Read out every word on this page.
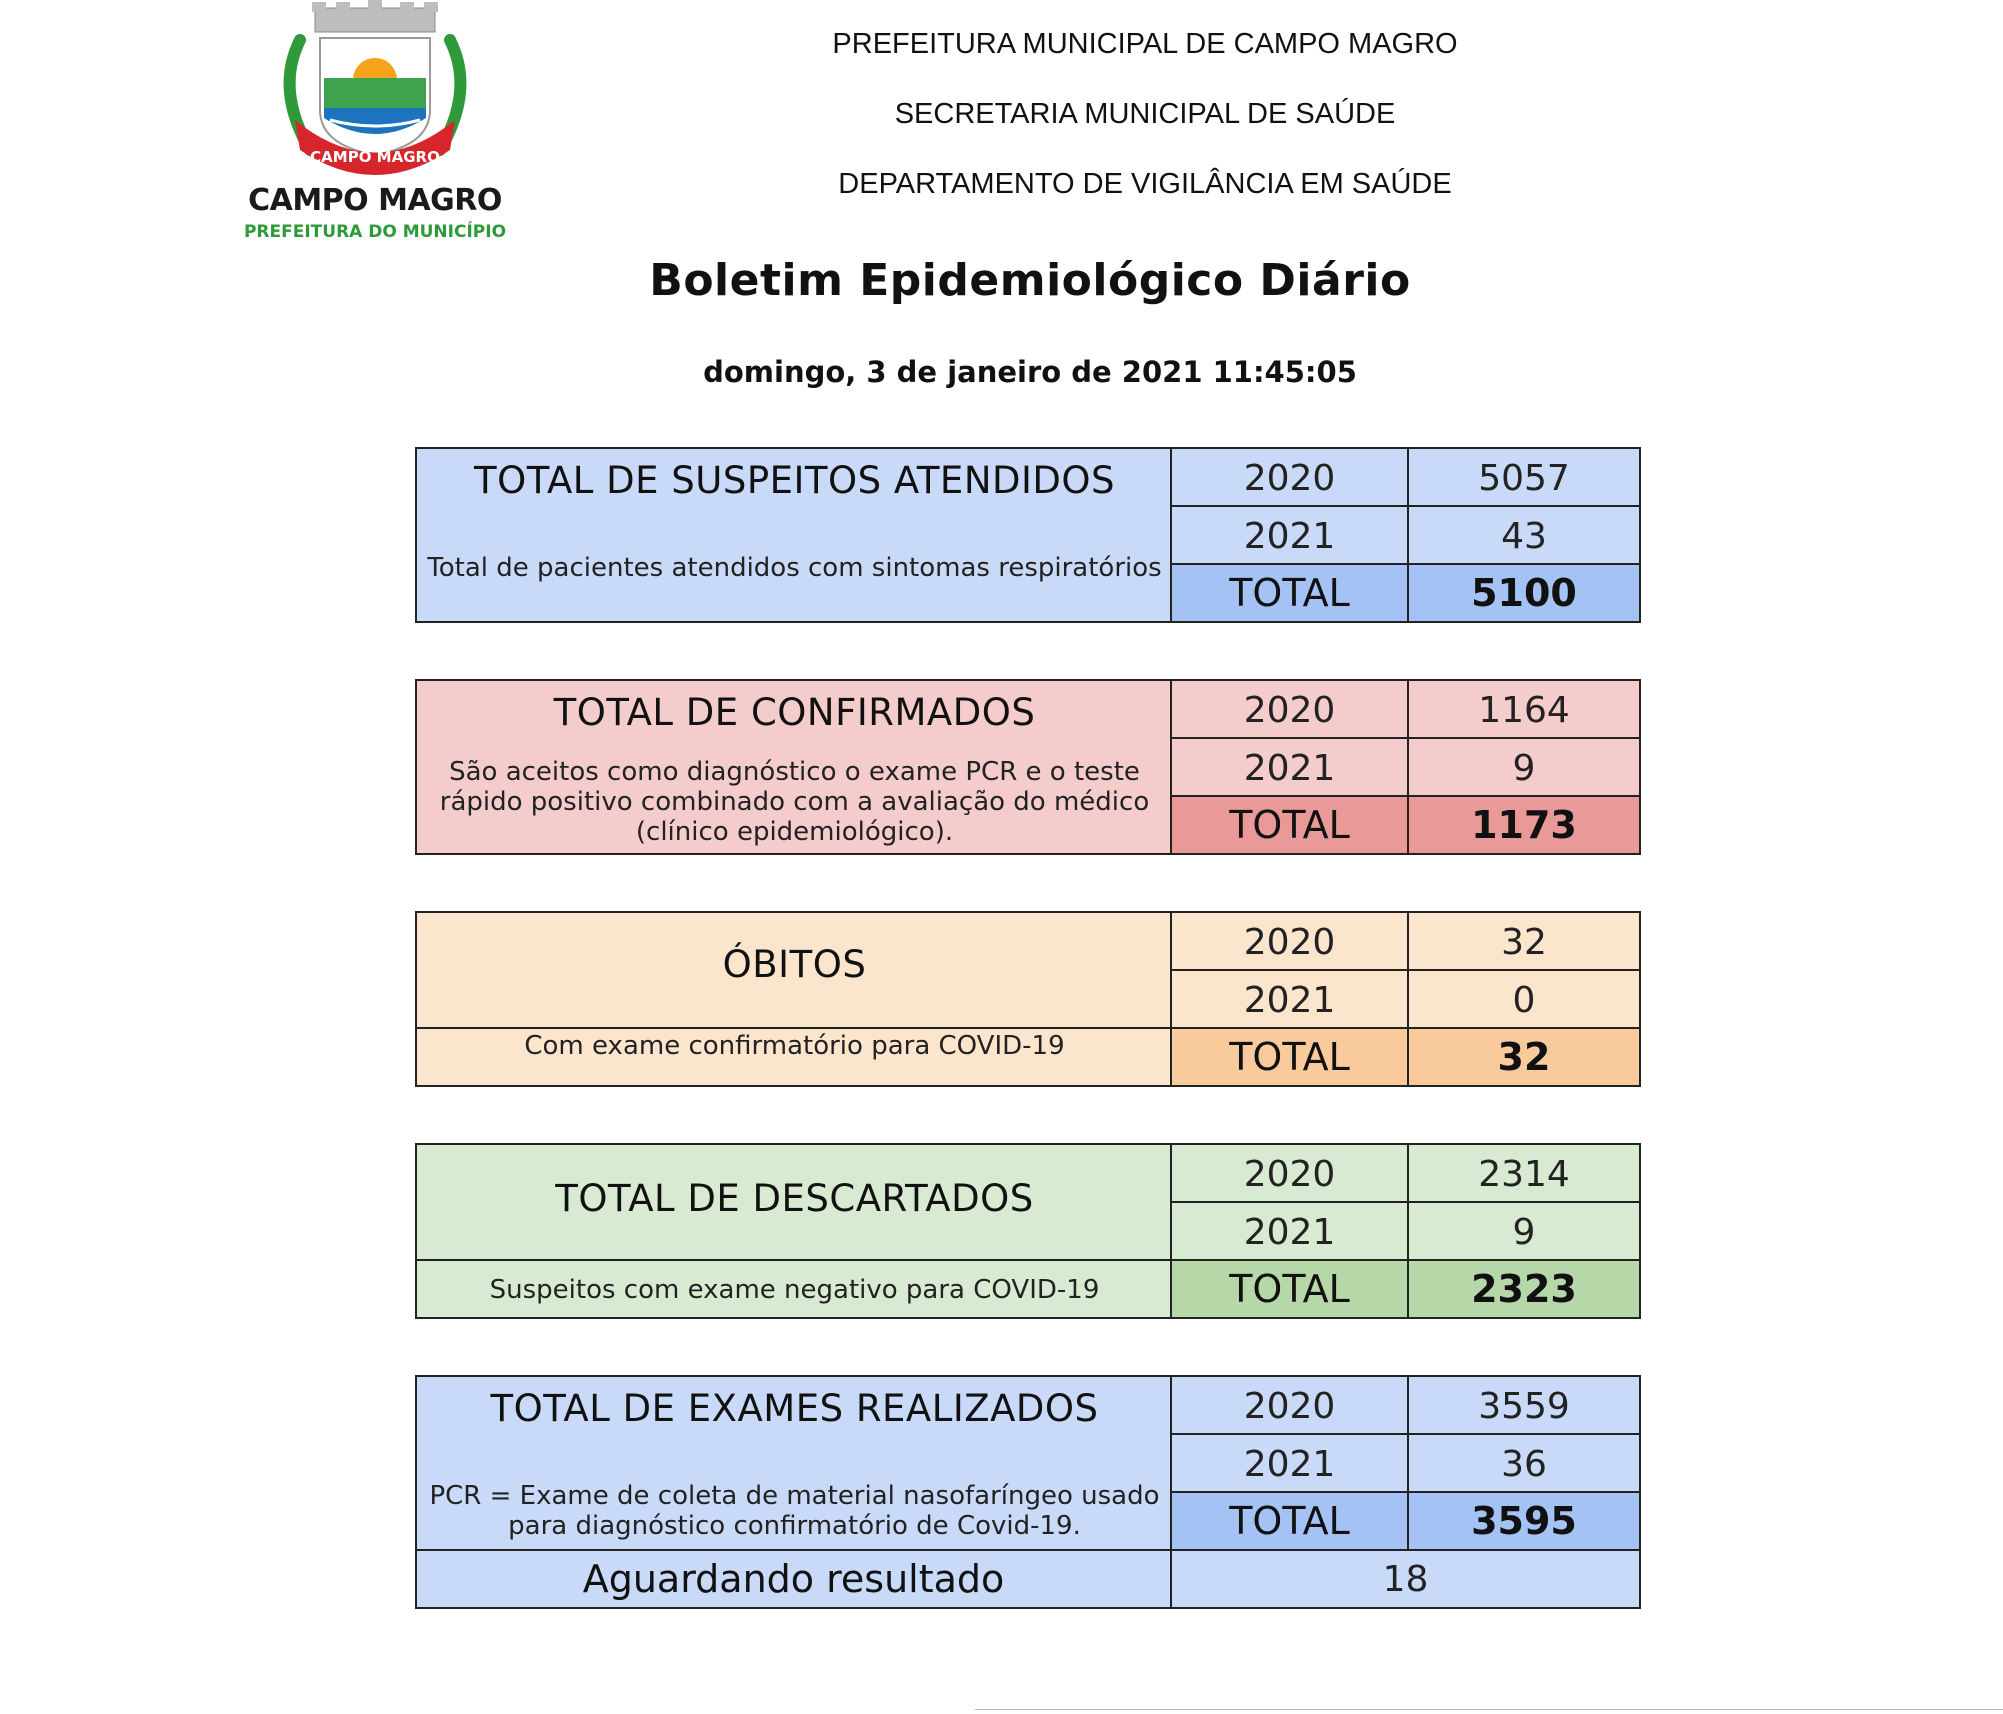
CAMPO MAGRO
CAMPO MAGRO
PREFEITURA DO MUNICÍPIO
PREFEITURA MUNICIPAL DE CAMPO MAGRO
SECRETARIA MUNICIPAL DE SAÚDE
DEPARTAMENTO DE VIGILÂNCIA EM SAÚDE
Boletim Epidemiológico Diário
domingo, 3 de janeiro de 2021 11:45:05
TOTAL DE SUSPEITOS ATENDIDOS
Total de pacientes atendidos com sintomas respiratórios
2020	5057
2021	43
TOTAL	5100
TOTAL DE CONFIRMADOS
São aceitos como diagnóstico o exame PCR e o teste rápido positivo combinado com a avaliação do médico (clínico epidemiológico).
2020	1164
2021	9
TOTAL	1173
ÓBITOS
Com exame confirmatório para COVID-19
2020	32
2021	0
TOTAL	32
TOTAL DE DESCARTADOS
Suspeitos com exame negativo para COVID-19
2020	2314
2021	9
TOTAL	2323
TOTAL DE EXAMES REALIZADOS
PCR = Exame de coleta de material nasofaríngeo usado para diagnóstico confirmatório de Covid-19.
2020	3559
2021	36
TOTAL	3595
Aguardando resultado	18
